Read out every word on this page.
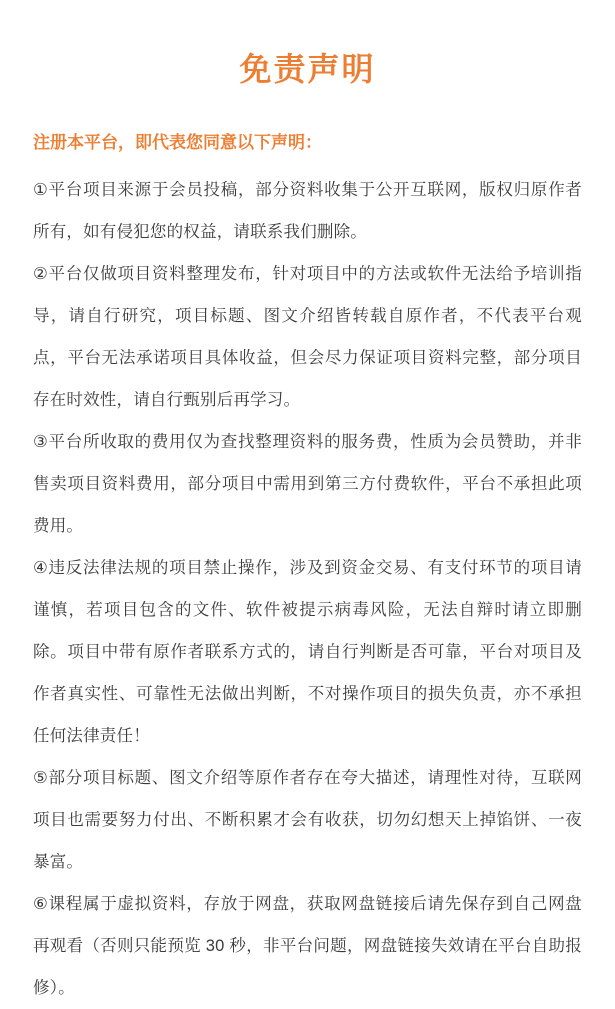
免责声明

注册本平台，即代表您同意以下声明：

①平台项目来源于会员投稿，部分资料收集于公开互联网，版权归原作者所有，如有侵犯您的权益，请联系我们删除。

②平台仅做项目资料整理发布，针对项目中的方法或软件无法给予培训指导，请自行研究，项目标题、图文介绍皆转载自原作者，不代表平台观点，平台无法承诺项目具体收益，但会尽力保证项目资料完整，部分项目存在时效性，请自行甄别后再学习。

③平台所收取的费用仅为查找整理资料的服务费，性质为会员赞助，并非售卖项目资料费用，部分项目中需用到第三方付费软件，平台不承担此项费用。

④违反法律法规的项目禁止操作，涉及到资金交易、有支付环节的项目请谨慎，若项目包含的文件、软件被提示病毒风险，无法自辩时请立即删除。项目中带有原作者联系方式的，请自行判断是否可靠，平台对项目及作者真实性、可靠性无法做出判断，不对操作项目的损失负责，亦不承担任何法律责任！

⑤部分项目标题、图文介绍等原作者存在夸大描述，请理性对待，互联网项目也需要努力付出、不断积累才会有收获，切勿幻想天上掉馅饼、一夜暴富。

⑥课程属于虚拟资料，存放于网盘，获取网盘链接后请先保存到自己网盘再观看（否则只能预览 30 秒，非平台问题，网盘链接失效请在平台自助报修）。
